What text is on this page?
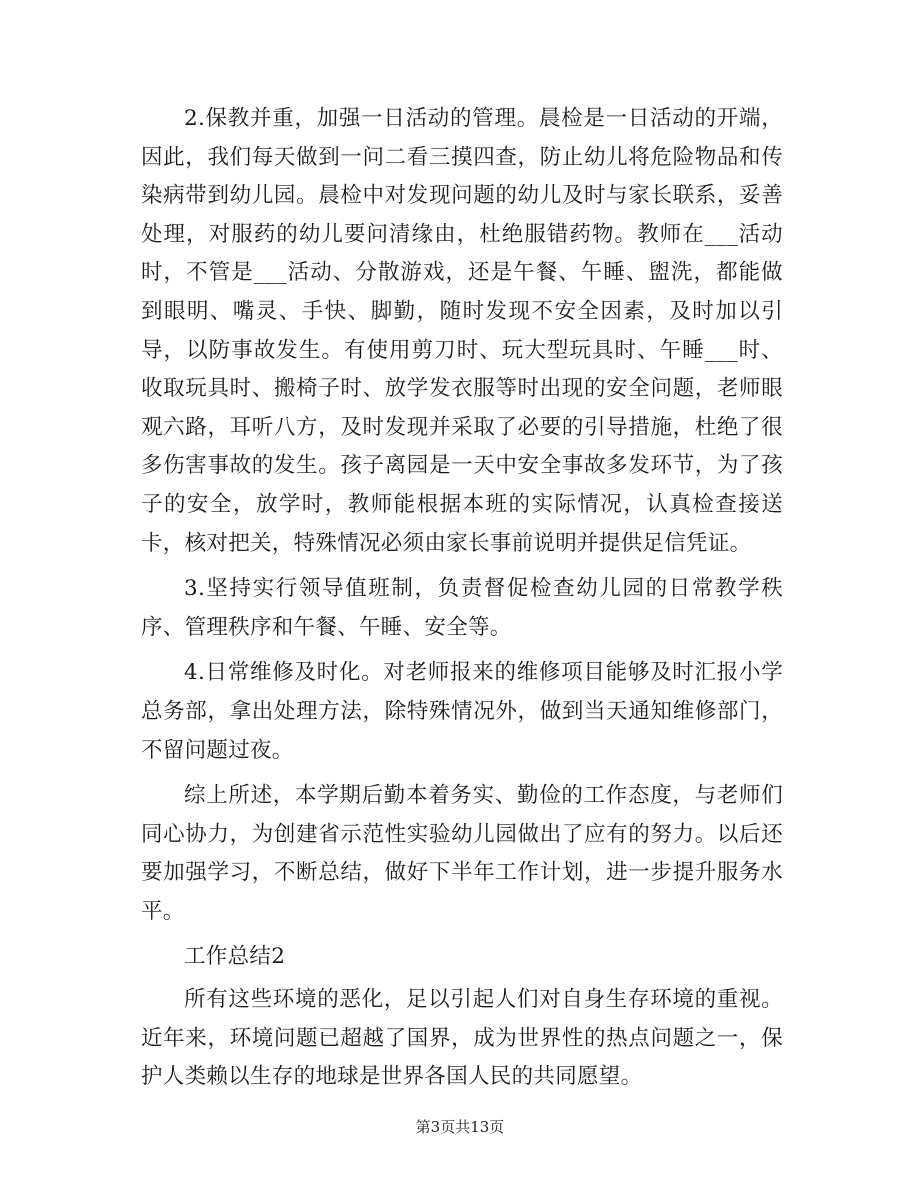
2.保教并重，加强一日活动的管理。晨检是一日活动的开端，因此，我们每天做到一问二看三摸四查，防止幼儿将危险物品和传染病带到幼儿园。晨检中对发现问题的幼儿及时与家长联系，妥善处理，对服药的幼儿要问清缘由，杜绝服错药物。教师在___活动时，不管是___活动、分散游戏，还是午餐、午睡、盥洗，都能做到眼明、嘴灵、手快、脚勤，随时发现不安全因素，及时加以引导，以防事故发生。有使用剪刀时、玩大型玩具时、午睡___时、收取玩具时、搬椅子时、放学发衣服等时出现的安全问题，老师眼观六路，耳听八方，及时发现并采取了必要的引导措施，杜绝了很多伤害事故的发生。孩子离园是一天中安全事故多发环节，为了孩子的安全，放学时，教师能根据本班的实际情况，认真检查接送卡，核对把关，特殊情况必须由家长事前说明并提供足信凭证。

3.坚持实行领导值班制，负责督促检查幼儿园的日常教学秩序、管理秩序和午餐、午睡、安全等。

4.日常维修及时化。对老师报来的维修项目能够及时汇报小学总务部，拿出处理方法，除特殊情况外，做到当天通知维修部门，不留问题过夜。

综上所述，本学期后勤本着务实、勤俭的工作态度，与老师们同心协力，为创建省示范性实验幼儿园做出了应有的努力。以后还要加强学习，不断总结，做好下半年工作计划，进一步提升服务水平。

工作总结2

所有这些环境的恶化，足以引起人们对自身生存环境的重视。近年来，环境问题已超越了国界，成为世界性的热点问题之一，保护人类赖以生存的地球是世界各国人民的共同愿望。

第3页共13页
